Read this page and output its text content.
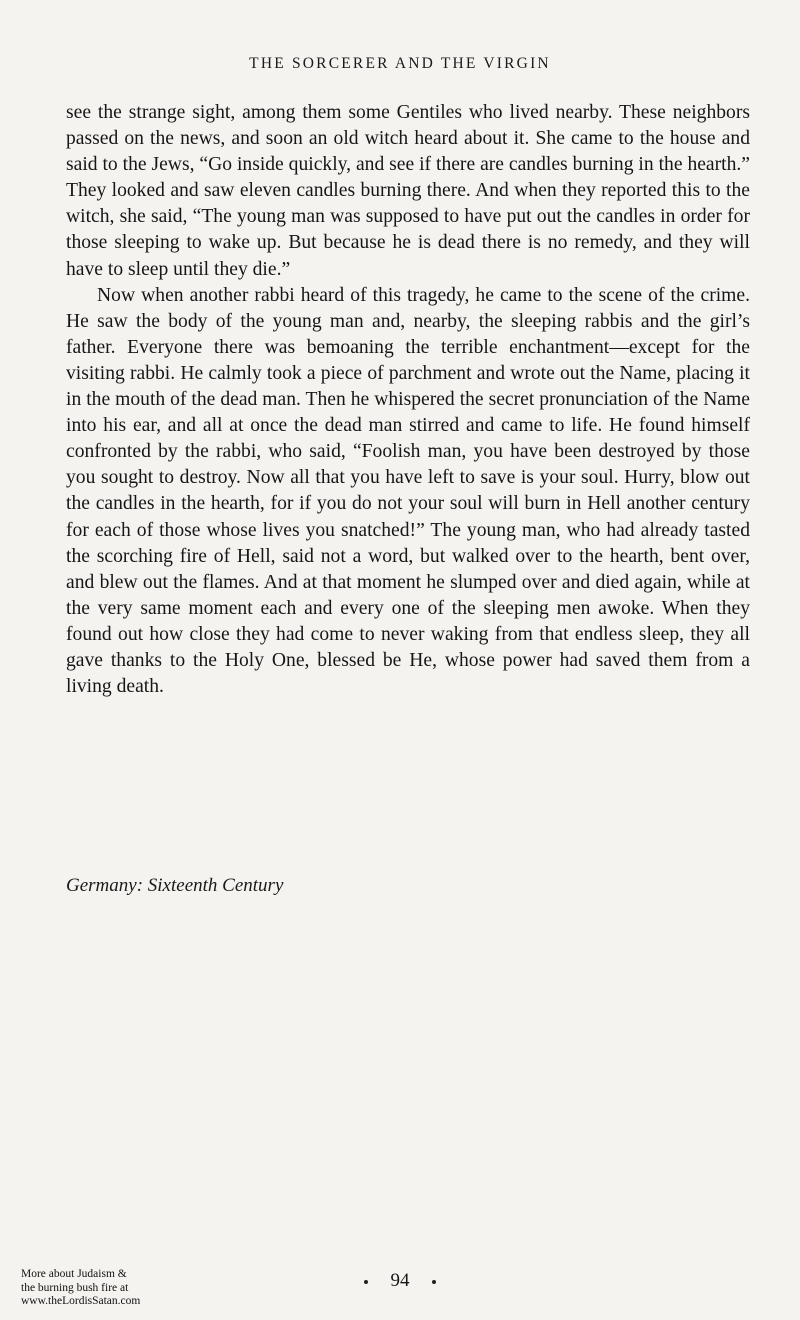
THE SORCERER AND THE VIRGIN

see the strange sight, among them some Gentiles who lived nearby. These neighbors passed on the news, and soon an old witch heard about it. She came to the house and said to the Jews, “Go inside quickly, and see if there are candles burning in the hearth.” They looked and saw eleven candles burning there. And when they reported this to the witch, she said, “The young man was supposed to have put out the candles in order for those sleeping to wake up. But because he is dead there is no remedy, and they will have to sleep until they die.”

Now when another rabbi heard of this tragedy, he came to the scene of the crime. He saw the body of the young man and, nearby, the sleeping rabbis and the girl’s father. Everyone there was bemoaning the terrible enchantment—except for the visiting rabbi. He calmly took a piece of parchment and wrote out the Name, placing it in the mouth of the dead man. Then he whispered the secret pronunciation of the Name into his ear, and all at once the dead man stirred and came to life. He found himself confronted by the rabbi, who said, “Foolish man, you have been destroyed by those you sought to destroy. Now all that you have left to save is your soul. Hurry, blow out the candles in the hearth, for if you do not your soul will burn in Hell another century for each of those whose lives you snatched!” The young man, who had already tasted the scorching fire of Hell, said not a word, but walked over to the hearth, bent over, and blew out the flames. And at that moment he slumped over and died again, while at the very same moment each and every one of the sleeping men awoke. When they found out how close they had come to never waking from that endless sleep, they all gave thanks to the Holy One, blessed be He, whose power had saved them from a living death.

Germany: Sixteenth Century
94
More about Judaism &
the burning bush fire at
www.theLordisSatan.com
